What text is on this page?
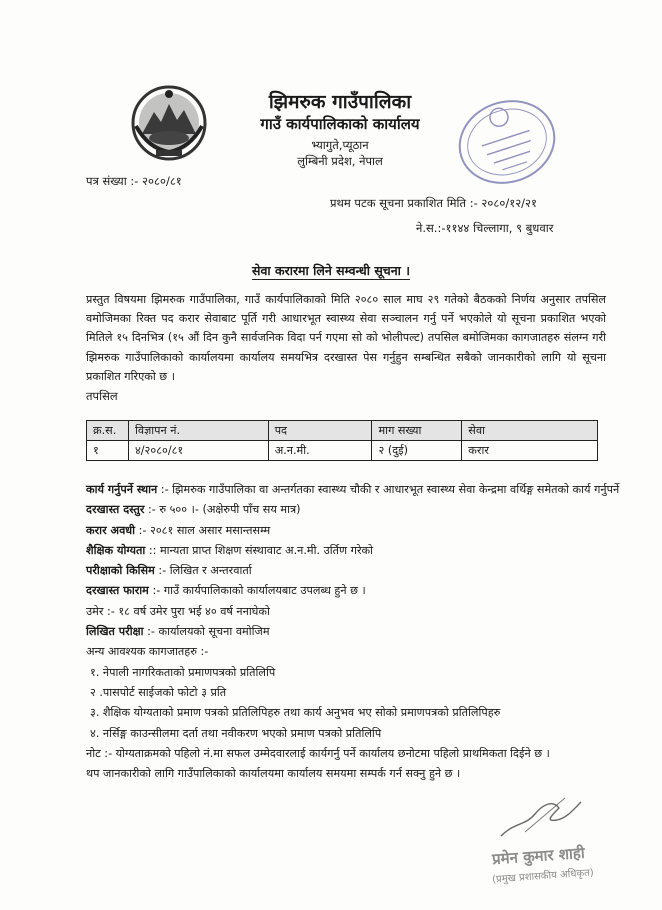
झिमरुक गाउँपालिका
गाउँ कार्यपालिकाको कार्यालय
भ्यागुते,प्यूठान
लुम्बिनी प्रदेश, नेपाल
पत्र संख्या :- २०८०/८१
प्रथम पटक सूचना प्रकाशित मिति :- २०८०/१२/२१
ने.स.:-११४४ चिल्लागा, ९ बुधवार
सेवा करारमा लिने सम्वन्धी सूचना ।
प्रस्तुत विषयमा झिमरुक गाउँपालिका, गाउँ कार्यपालिकाको मिति २०८० साल माघ २९ गतेको बैठकको निर्णय अनुसार तपसिल वमोजिमका रिक्त पद करार सेवाबाट पूर्ति गरी आधारभूत स्वास्थ्य सेवा सञ्चालन गर्नु पर्ने भएकोले यो सूचना प्रकाशित भएको मितिले १५ दिनभित्र (१५ औं दिन कुनै सार्वजनिक विदा पर्न गएमा सो को भोलीपल्ट) तपसिल बमोजिमका कागजातहरु संलग्न गरी झिमरुक गाउँपालिकाको कार्यालयमा कार्यालय समयभित्र दरखास्त पेस गर्नुहुन सम्बन्धित सबैको जानकारीको लागि यो सूचना प्रकाशित गरिएको छ ।
तपसिल
क्र.स.	विज्ञापन नं.	पद	माग सख्या	सेवा
१	४/२०८०/८१	अ.न.मी.	२ (दुई)	करार

कार्य गर्नुपर्ने स्थान :- झिमरुक गाउँपालिका वा अन्तर्गतका स्वास्थ्य चौकी र आधारभूत स्वास्थ्य सेवा केन्द्रमा वर्थिङ्ग समेतको कार्य गर्नुपर्ने

दरखास्त दस्तुर :- रु ५०० ।- (अक्षेरुपी पाँच सय मात्र)

करार अवधी :- २०८१ साल असार मसान्तसम्म

शैक्षिक योग्यता :: मान्यता प्राप्त शिक्षण संस्थावाट अ.न.मी. उर्तिण गरेको

परीक्षाको किसिम :- लिखित र अन्तरवार्ता

दरखास्त फाराम :- गाउँ कार्यपालिकाको कार्यालयबाट उपलब्ध हुने छ ।

उमेर :- १८ वर्ष उमेर पुरा भई ४० वर्ष ननाघेको

लिखित परीक्षा :- कार्यालयको सूचना वमोजिम

अन्य आवश्यक कागजातहरु :-

१. नेपाली नागरिकताको प्रमाणपत्रको प्रतिलिपि

२ .पासपोर्ट साईजको फोटो ३ प्रति

३. शैक्षिक योग्यताको प्रमाण पत्रको प्रतिलिपिहरु तथा कार्य अनुभव भए सोको प्रमाणपत्रको प्रतिलिपिहरु

४. नर्सिङ्ग काउन्सीलमा दर्ता तथा नवीकरण भएको प्रमाण पत्रको प्रतिलिपि

नोट :- योग्यताक्रमको पहिलो नं.मा सफल उम्मेदवारलाई कार्यगर्नु पर्ने कार्यालय छनोटमा पहिलो प्राथमिकता दिईने छ ।

थप जानकारीको लागि गाउँपालिकाको कार्यालयमा कार्यालय समयमा सम्पर्क गर्न सक्नु हुने छ ।

प्रमेन कुमार शाही
(प्रमुख प्रशासकीय अधिकृत)
